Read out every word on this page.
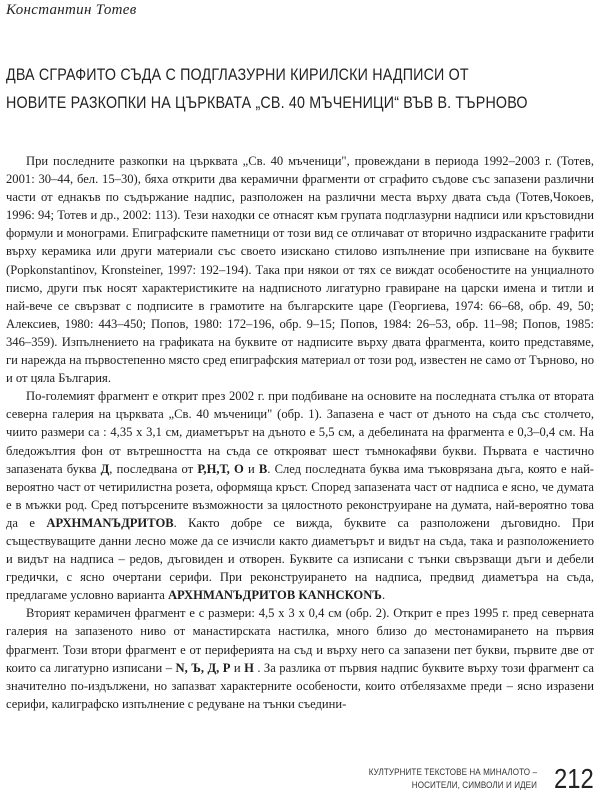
Константин Тотев
ДВА СГРАФИТО СЪДА С ПОДГЛАЗУРНИ КИРИЛСКИ НАДПИСИ ОТ
НОВИТЕ РАЗКОПКИ НА ЦЪРКВАТА „СВ. 40 МЪЧЕНИЦИ“ ВЪВ В. ТЪРНОВО

При последните разкопки на църквата „Св. 40 мъченици", провеждани в периода 1992–2003 г. (Тотев, 2001: 30–44, бел. 15–30), бяха открити два керамични фрагменти от сграфито съдове със запазени различни части от еднакъв по съдържание надпис, разположен на различни места върху двата съда (Тотев,Чокоев, 1996: 94; Тотев и др., 2002: 113). Тези находки се отнасят към групата подглазурни надписи или кръстовидни формули и монограми. Епиграфските паметници от този вид се отличават от вторично издрасканите графити върху керамика или други материали със своето изискано стилово изпълнение при изписване на буквите (Popkonstantinov, Kronsteiner, 1997: 192–194). Така при някои от тях се виждат особеностите на унциалното писмо, други пък носят характеристиките на надписното лигатурно гравиране на царски имена и титли и най-вече се свързват с подписите в грамотите на българските царе (Георгиева, 1974: 66–68, обр. 49, 50; Алексиев, 1980: 443–450; Попов, 1980: 172–196, обр. 9–15; Попов, 1984: 26–53, обр. 11–98; Попов, 1985: 346–359). Изпълнението на графиката на буквите от надписите върху двата фрагмента, които представяме, ги нарежда на първостепенно място сред епиграфския материал от този род, известен не само от Търново, но и от цяла България.

По-големият фрагмент е открит през 2002 г. при подбиване на основите на последната стълка от втората северна галерия на църквата „Св. 40 мъченици" (обр. 1). Запазена е част от дъното на съда със столчето, чиито размери са : 4,35 х 3,1 см, диаметърът на дъното е 5,5 см, а дебелината на фрагмента е 0,3–0,4 см. На бледожълтия фон от вътрешността на съда се открояват шест тъмнокафяви букви. Първата е частично запазената буква Д, последвана от Р,Н,Т, О и В. След последната буква има тъковрязана дъга, която е най-вероятно част от четирилистна розета, оформяща кръст. Според запазената част от надписа е ясно, че думата е в мъжки род. Сред потърсените възможности за цялостното реконструиране на думата, най-вероятно това да е АРХНМАNЪДРИТОВ. Както добре се вижда, буквите са разположени дъговидно. При съществуващите данни лесно може да се изчисли както диаметърът и видът на съда, така и разположението и видът на надписа – редов, дъговиден и отворен. Буквите са изписани с тънки свързващи дъги и дебели гредички, с ясно очертани серифи. При реконструирането на надписа, предвид диаметъра на съда, предлагаме условно варианта АРХНМАNЪДРИТОВ КАNНСКОNЪ.

Вторият керамичен фрагмент е с размери: 4,5 х 3 х 0,4 см (обр. 2). Открит е през 1995 г. пред северната галерия на запазеното ниво от манастирската настилка, много близо до местонамирането на първия фрагмент. Този втори фрагмент е от периферията на съд и върху него са запазени пет букви, първите две от които са лигатурно изписани – N, Ъ, Д, Р и Н . За разлика от първия надпис буквите върху този фрагмент са значително по-издължени, но запазват характерните особености, които отбелязахме преди – ясно изразени серифи, калиграфско изпълнение с редуване на тънки съедини-

КУЛТУРНИТЕ ТЕКСТОВЕ НА МИНАЛОТО –
НОСИТЕЛИ, СИМВОЛИ И ИДЕИ 212
